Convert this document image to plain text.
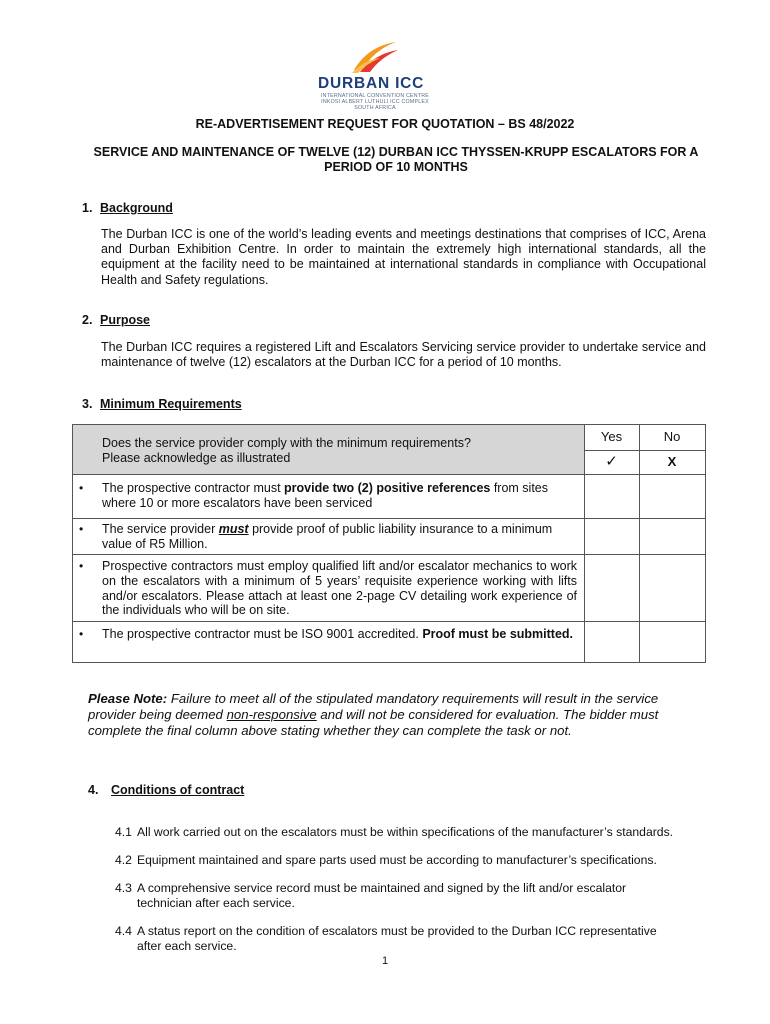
DURBAN ICC
INTERNATIONAL CONVENTION CENTRE
INKOSI ALBERT LUTHULI ICC COMPLEX
SOUTH AFRICA
RE-ADVERTISEMENT REQUEST FOR QUOTATION – BS 48/2022
SERVICE AND MAINTENANCE OF TWELVE (12) DURBAN ICC THYSSEN-KRUPP ESCALATORS FOR A PERIOD OF 10 MONTHS
1. Background
The Durban ICC is one of the world’s leading events and meetings destinations that comprises of ICC, Arena and Durban Exhibition Centre. In order to maintain the extremely high international standards, all the equipment at the facility need to be maintained at international standards in compliance with Occupational Health and Safety regulations.
2. Purpose
The Durban ICC requires a registered Lift and Escalators Servicing service provider to undertake service and maintenance of twelve (12) escalators at the Durban ICC for a period of 10 months.
3. Minimum Requirements
Does the service provider comply with the minimum requirements?
Please acknowledge as illustrated
Yes	No
✓	X
• The prospective contractor must provide two (2) positive references from sites where 10 or more escalators have been serviced
• The service provider must provide proof of public liability insurance to a minimum value of R5 Million.
• Prospective contractors must employ qualified lift and/or escalator mechanics to work on the escalators with a minimum of 5 years’ requisite experience working with lifts and/or escalators. Please attach at least one 2-page CV detailing work experience of the individuals who will be on site.
• The prospective contractor must be ISO 9001 accredited. Proof must be submitted.
Please Note: Failure to meet all of the stipulated mandatory requirements will result in the service provider being deemed non-responsive and will not be considered for evaluation. The bidder must complete the final column above stating whether they can complete the task or not.
4. Conditions of contract
4.1 All work carried out on the escalators must be within specifications of the manufacturer’s standards.
4.2 Equipment maintained and spare parts used must be according to manufacturer’s specifications.
4.3 A comprehensive service record must be maintained and signed by the lift and/or escalator
technician after each service.
4.4 A status report on the condition of escalators must be provided to the Durban ICC representative
after each service.
1
